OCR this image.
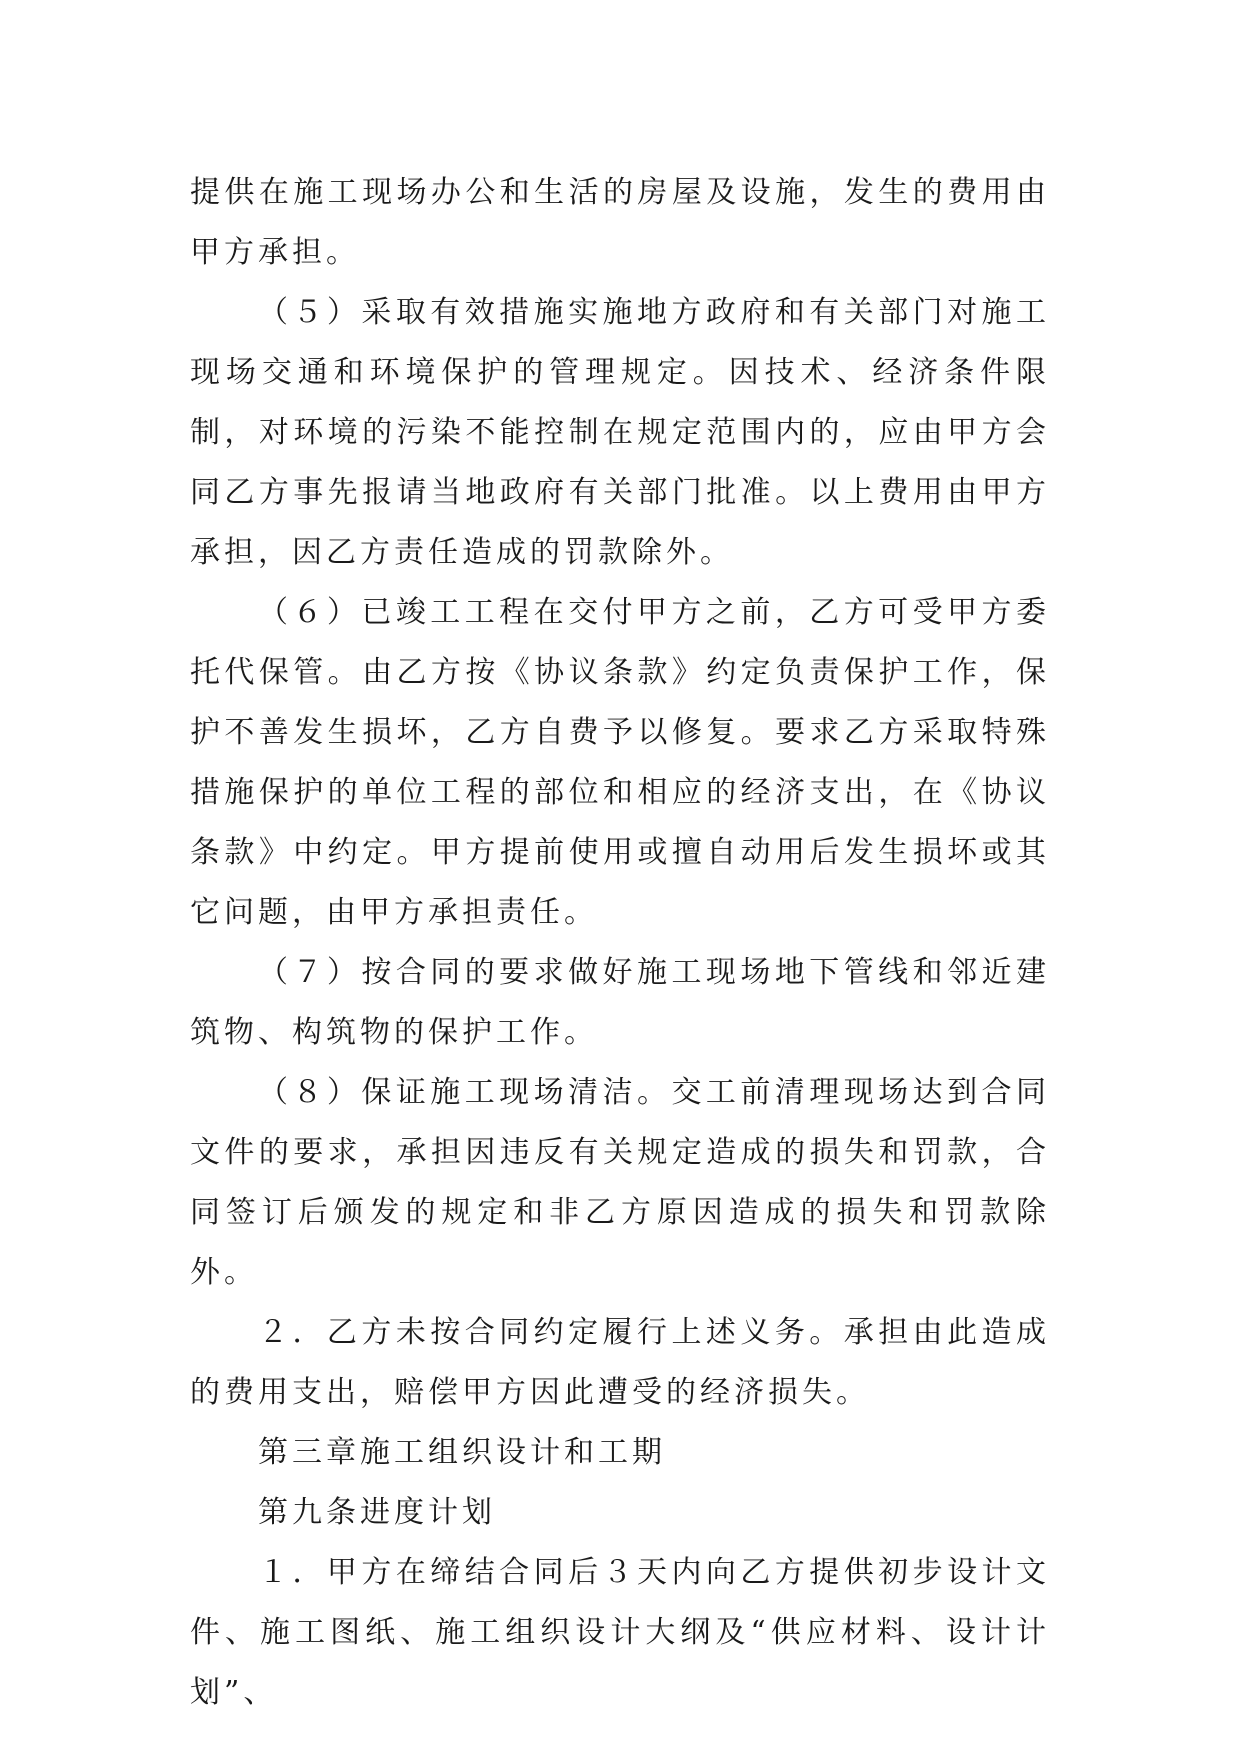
提供在施工现场办公和生活的房屋及设施，发生的费用由甲方承担。

（５）采取有效措施实施地方政府和有关部门对施工现场交通和环境保护的管理规定。因技术、经济条件限制，对环境的污染不能控制在规定范围内的，应由甲方会同乙方事先报请当地政府有关部门批准。以上费用由甲方承担，因乙方责任造成的罚款除外。

（６）已竣工工程在交付甲方之前，乙方可受甲方委托代保管。由乙方按《协议条款》约定负责保护工作，保护不善发生损坏，乙方自费予以修复。要求乙方采取特殊措施保护的单位工程的部位和相应的经济支出，在《协议条款》中约定。甲方提前使用或擅自动用后发生损坏或其它问题，由甲方承担责任。

（７）按合同的要求做好施工现场地下管线和邻近建筑物、构筑物的保护工作。

（８）保证施工现场清洁。交工前清理现场达到合同文件的要求，承担因违反有关规定造成的损失和罚款，合同签订后颁发的规定和非乙方原因造成的损失和罚款除外。

２．乙方未按合同约定履行上述义务。承担由此造成的费用支出，赔偿甲方因此遭受的经济损失。

第三章施工组织设计和工期

第九条进度计划

１．甲方在缔结合同后３天内向乙方提供初步设计文件、施工图纸、施工组织设计大纲及“供应材料、设计计划”、
